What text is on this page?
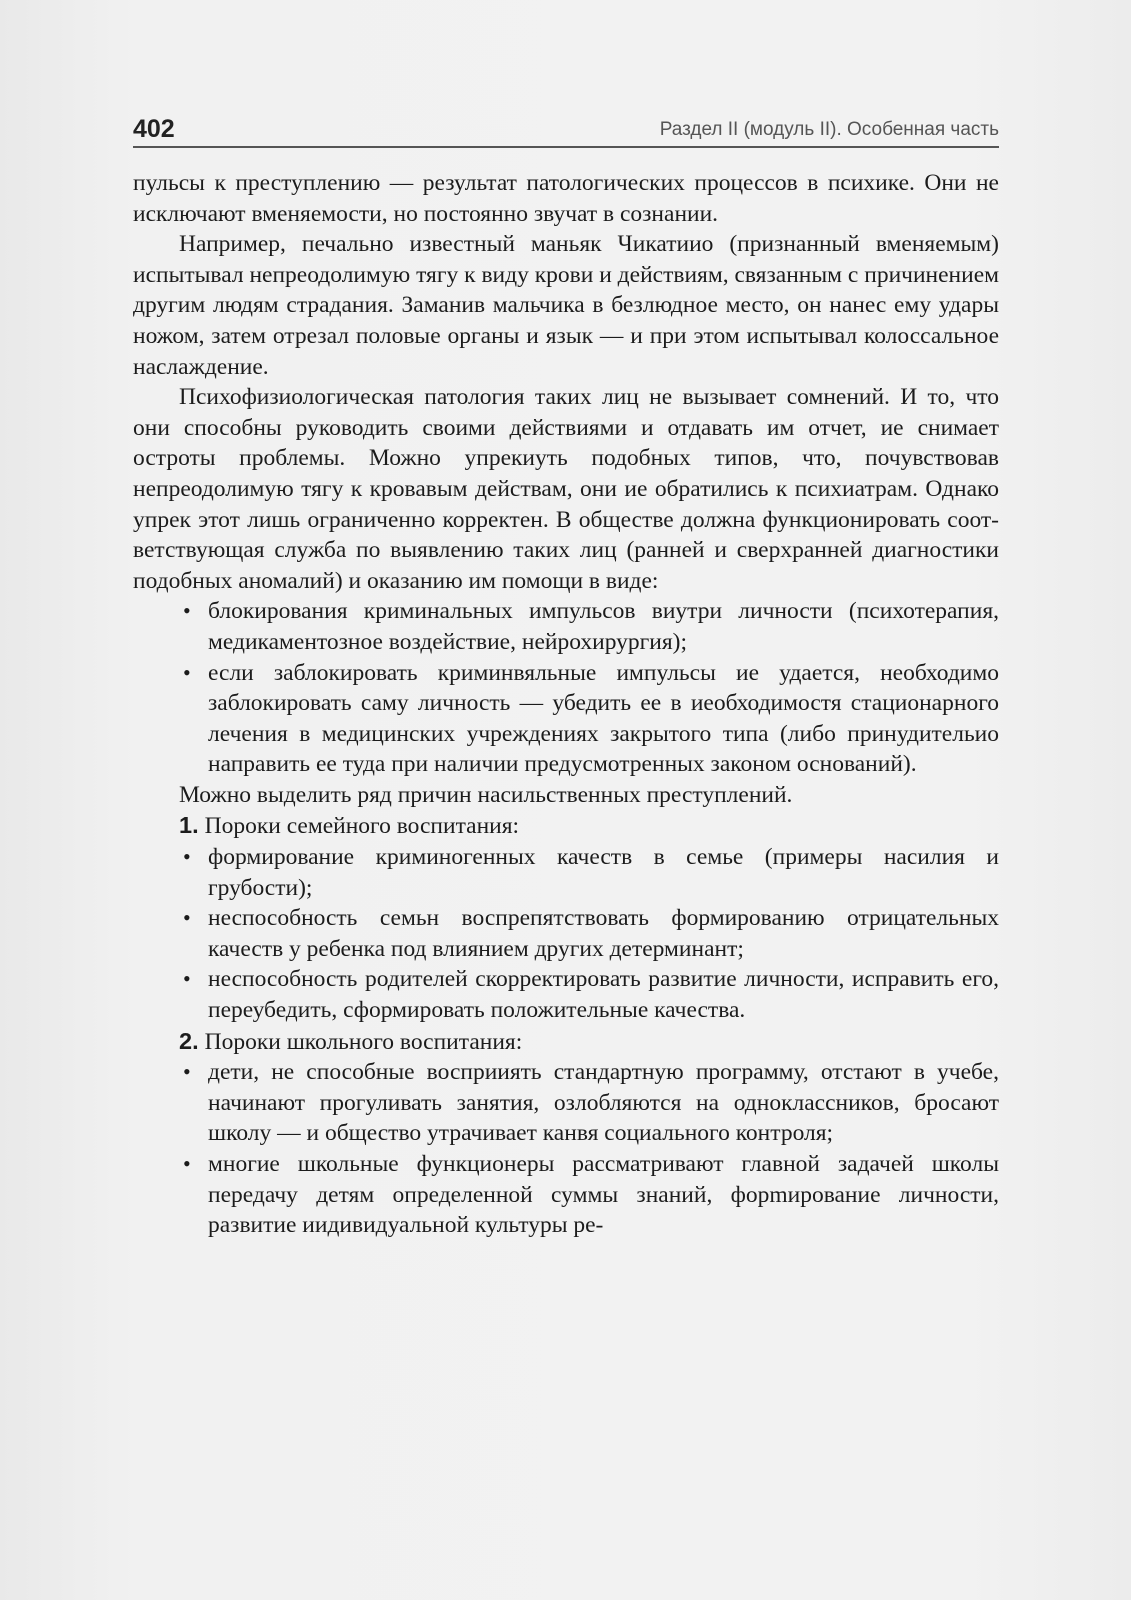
402	Раздел II (модуль II). Особенная часть

пульсы к преступлению — результат патологических процессов в психике. Они не исключают вменяемости, но постоянно звучат в сознании.

Например, печально известный маньяк Чикатиио (признанный вменяемым) испытывал непреодолимую тягу к виду крови и действиям, связанным с причинением другим людям страдания. Заманив мальчика в безлюдное место, он нанес ему удары ножом, затем отрезал половые органы и язык — и при этом испытывал колоссальное наслаждение.

Психофизиологическая патология таких лиц не вызывает сомнений. И то, что они способны руководить своими действиями и отдавать им отчет, ие снимает остроты проблемы. Можно упрекиуть подобных типов, что, почувствовав непреодолимую тягу к кровавым действам, они ие обратились к психиатрам. Однако упрек этот лишь ограниченно корректен. В обществе должна функционировать соответствующая служба по выявлению таких лиц (ранней и сверхранней диагностики подобных аномалий) и оказанию им помощи в виде:

• блокирования криминальных импульсов виутри личности (психотерапия, медикаментозное воздействие, нейрохирургия);
• если заблокировать криминвяльные импульсы ие удается, необходимо заблокировать саму личность — убедить ее в иеобходимостя стационарного лечения в медицинских учреждениях закрытого типа (либо принудительио направить ее туда при наличии предусмотренных законом оснований).

Можно выделить ряд причин насильственных преступлений.

1. Пороки семейного воспитания:

• формирование криминогенных качеств в семье (примеры насилия и грубости);
• неспособность семьн воспрепятствовать формированию отрицательных качеств у ребенка под влиянием других детерминант;
• неспособность родителей скорректировать развитие личности, исправить его, переубедить, сформировать положительные качества.

2. Пороки школьного воспитания:

• дети, не способные восприиять стандартную программу, отстают в учебе, начинают прогуливать занятия, озлобляются на одноклассников, бросают школу — и общество утрачивает канвя социального контроля;
• многие школьные функционеры рассматривают главной задачей школы передачу детям определенной суммы знаний, форmирование личности, развитие иидивидуальной культуры ре-
